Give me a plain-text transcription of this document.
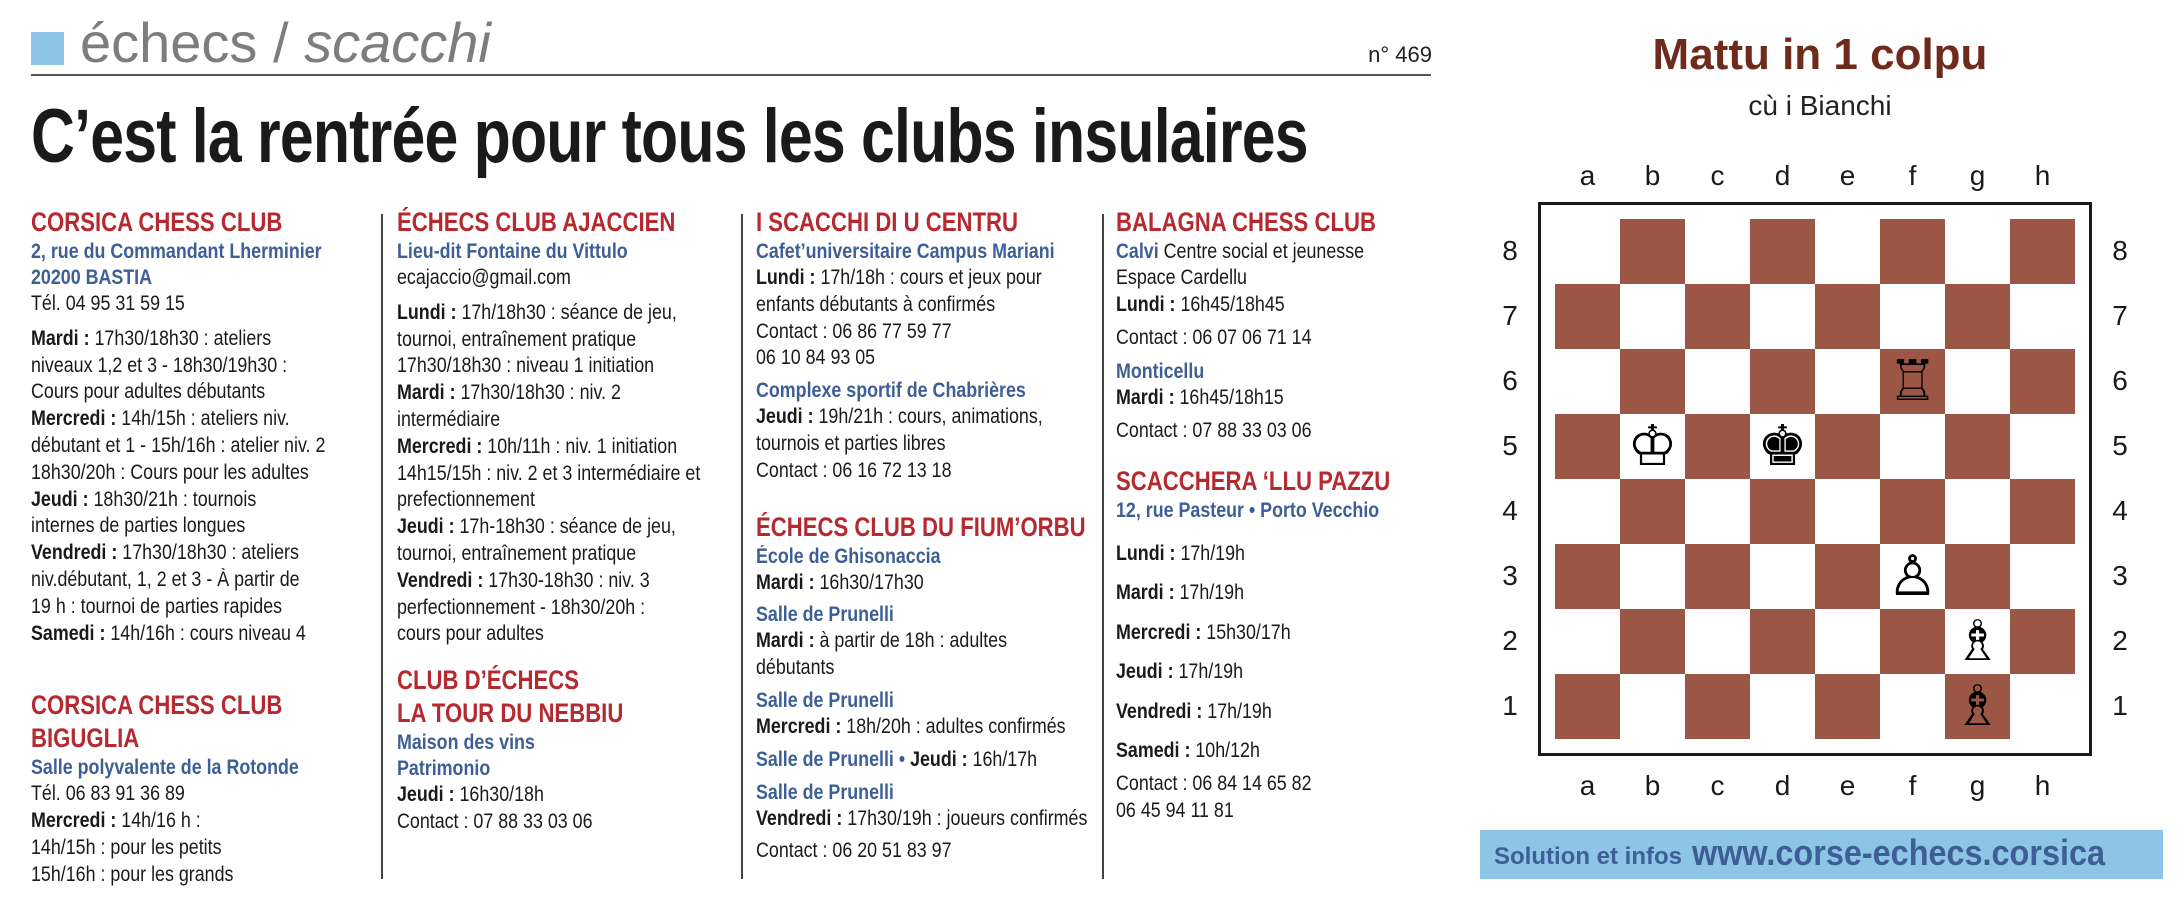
échecs / scacchi	n° 469
C’est la rentrée pour tous les clubs insulaires
CORSICA CHESS CLUB
2, rue du Commandant Lherminier
20200 BASTIA
Tél. 04 95 31 59 15
Mardi : 17h30/18h30 : ateliers
niveaux 1,2 et 3 - 18h30/19h30 :
Cours pour adultes débutants
Mercredi : 14h/15h : ateliers niv.
débutant et 1 - 15h/16h : atelier niv. 2
18h30/20h : Cours pour les adultes
Jeudi : 18h30/21h : tournois
internes de parties longues
Vendredi : 17h30/18h30 : ateliers
niv.débutant, 1, 2 et 3 - À partir de
19 h : tournoi de parties rapides
Samedi : 14h/16h : cours niveau 4
CORSICA CHESS CLUB
BIGUGLIA
Salle polyvalente de la Rotonde
Tél. 06 83 91 36 89
Mercredi : 14h/16 h :
14h/15h : pour les petits
15h/16h : pour les grands
ÉCHECS CLUB AJACCIEN
Lieu-dit Fontaine du Vittulo
ecajaccio@gmail.com
Lundi : 17h/18h30 : séance de jeu,
tournoi, entraînement pratique
17h30/18h30 : niveau 1 initiation
Mardi : 17h30/18h30 : niv. 2
intermédiaire
Mercredi : 10h/11h : niv. 1 initiation
14h15/15h : niv. 2 et 3 intermédiaire et
prefectionnement
Jeudi : 17h-18h30 : séance de jeu,
tournoi, entraînement pratique
Vendredi : 17h30-18h30 : niv. 3
perfectionnement - 18h30/20h :
cours pour adultes
CLUB D’ÉCHECS
LA TOUR DU NEBBIU
Maison des vins
Patrimonio
Jeudi : 16h30/18h
Contact : 07 88 33 03 06
I SCACCHI DI U CENTRU
Cafet’universitaire Campus Mariani
Lundi : 17h/18h : cours et jeux pour
enfants débutants à confirmés
Contact : 06 86 77 59 77
06 10 84 93 05
Complexe sportif de Chabrières
Jeudi : 19h/21h : cours, animations,
tournois et parties libres
Contact : 06 16 72 13 18
ÉCHECS CLUB DU FIUM’ORBU
École de Ghisonaccia
Mardi : 16h30/17h30
Salle de Prunelli
Mardi : à partir de 18h : adultes
débutants
Salle de Prunelli
Mercredi : 18h/20h : adultes confirmés
Salle de Prunelli • Jeudi : 16h/17h
Salle de Prunelli
Vendredi : 17h30/19h : joueurs confirmés
Contact : 06 20 51 83 97
BALAGNA CHESS CLUB
Calvi Centre social et jeunesse
Espace Cardellu
Lundi : 16h45/18h45
Contact : 06 07 06 71 14
Monticellu
Mardi : 16h45/18h15
Contact : 07 88 33 03 06
SCACCHERA ‘LLU PAZZU
12, rue Pasteur • Porto Vecchio
Lundi : 17h/19h
Mardi : 17h/19h
Mercredi : 15h30/17h
Jeudi : 17h/19h
Vendredi : 17h/19h
Samedi : 10h/12h
Contact : 06 84 14 65 82
06 45 94 11 81
Mattu in 1 colpu
cù i Bianchi
♖
♔ ♚
♙
♗
♗
a
a
b
b
c
c
d
d
e
e
f
f
g
g
h
h
8	8
7	7
6	6
5	5
4	4
3	3
2	2
1	1
Solution et infos www.corse-echecs.corsica
